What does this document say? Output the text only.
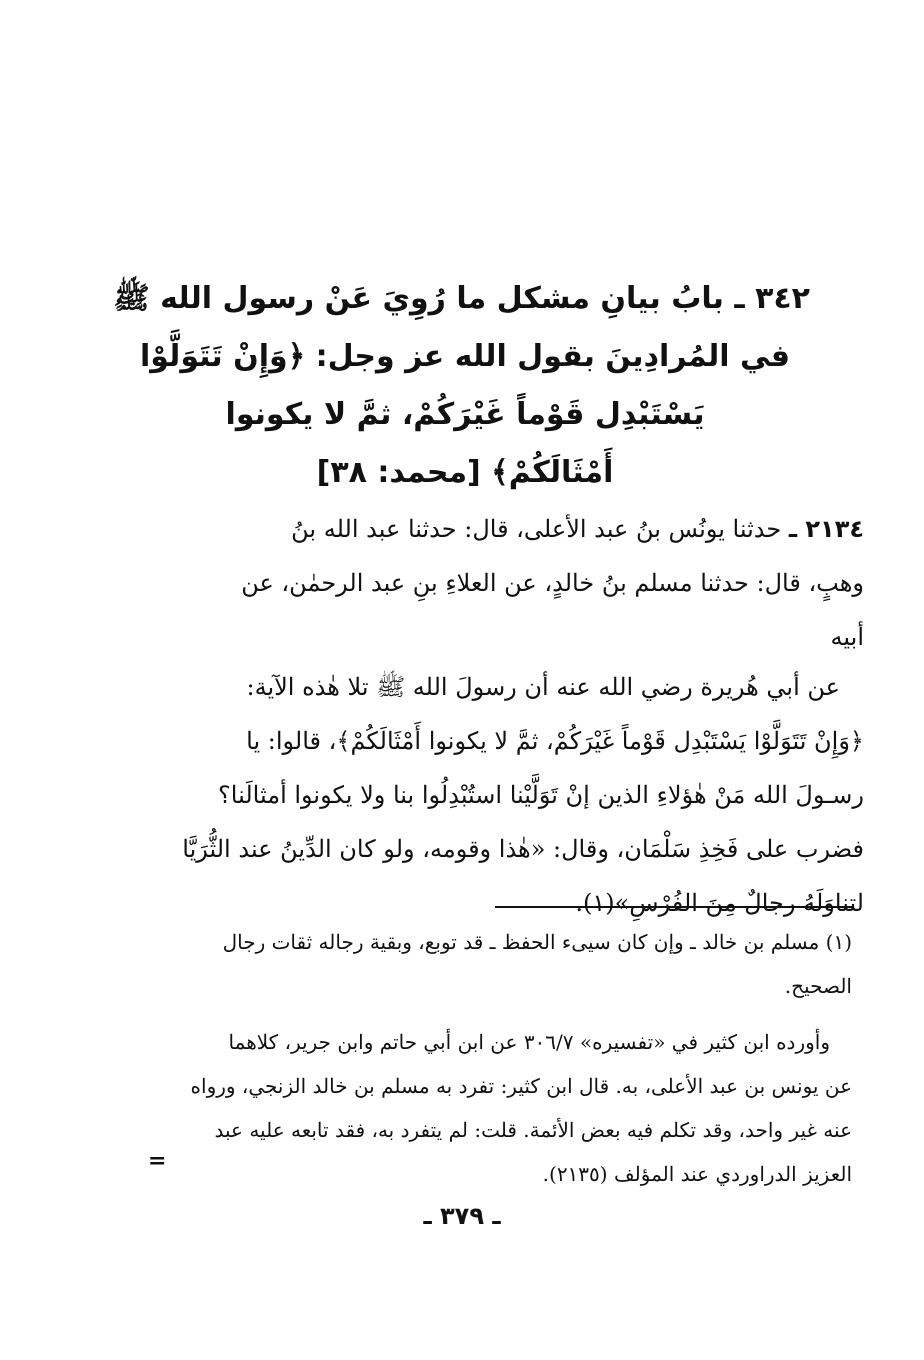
٣٤٢ ـ بابُ بيانِ مشكل ما رُوِيَ عَنْ رسول الله ﷺ
في المُرادِينَ بقول الله عز وجل: ﴿وَإِنْ تَتَوَلَّوْا
يَسْتَبْدِل قَوْماً غَيْرَكُمْ، ثمَّ لا يكونوا
أَمْثَالَكُمْ﴾ [محمد: ٣٨]
٢١٣٤ ـ حدثنا يونُس بنُ عبد الأعلى، قال: حدثنا عبد الله بنُ
وهبٍ، قال: حدثنا مسلم بنُ خالدٍ، عن العلاءِ بنِ عبد الرحمٰن، عن
أبيه
عن أبي هُريرة رضي الله عنه أن رسولَ الله ﷺ تلا هٰذه الآية:
﴿وَإِنْ تَتَوَلَّوْا يَسْتَبْدِل قَوْماً غَيْرَكُمْ، ثمَّ لا يكونوا أَمْثَالَكُمْ﴾، قالوا: يا
رسـولَ الله مَنْ هٰؤلاءِ الذين إنْ تَوَلَّيْنا استُبْدِلُوا بنا ولا يكونوا أمثالَنا؟
فضرب على فَخِذِ سَلْمَان، وقال: «هٰذا وقومه، ولو كان الدِّينُ عند الثُّرَيَّا
لتناوَلَهُ رجالٌ مِنَ الفُرْسِ»(١).
(١) مسلم بن خالد ـ وإن كان سيىء الحفظ ـ قد توبع، وبقية رجاله ثقات رجال
الصحيح.
وأورده ابن كثير في «تفسيره» ٣٠٦/٧ عن ابن أبي حاتم وابن جرير، كلاهما
عن يونس بن عبد الأعلى، به. قال ابن كثير: تفرد به مسلم بن خالد الزنجي، ورواه
عنه غير واحد، وقد تكلم فيه بعض الأئمة. قلت: لم يتفرد به، فقد تابعه عليه عبد
العزيز الدراوردي عند المؤلف (٢١٣٥).
=
ـ ٣٧٩ ـ
